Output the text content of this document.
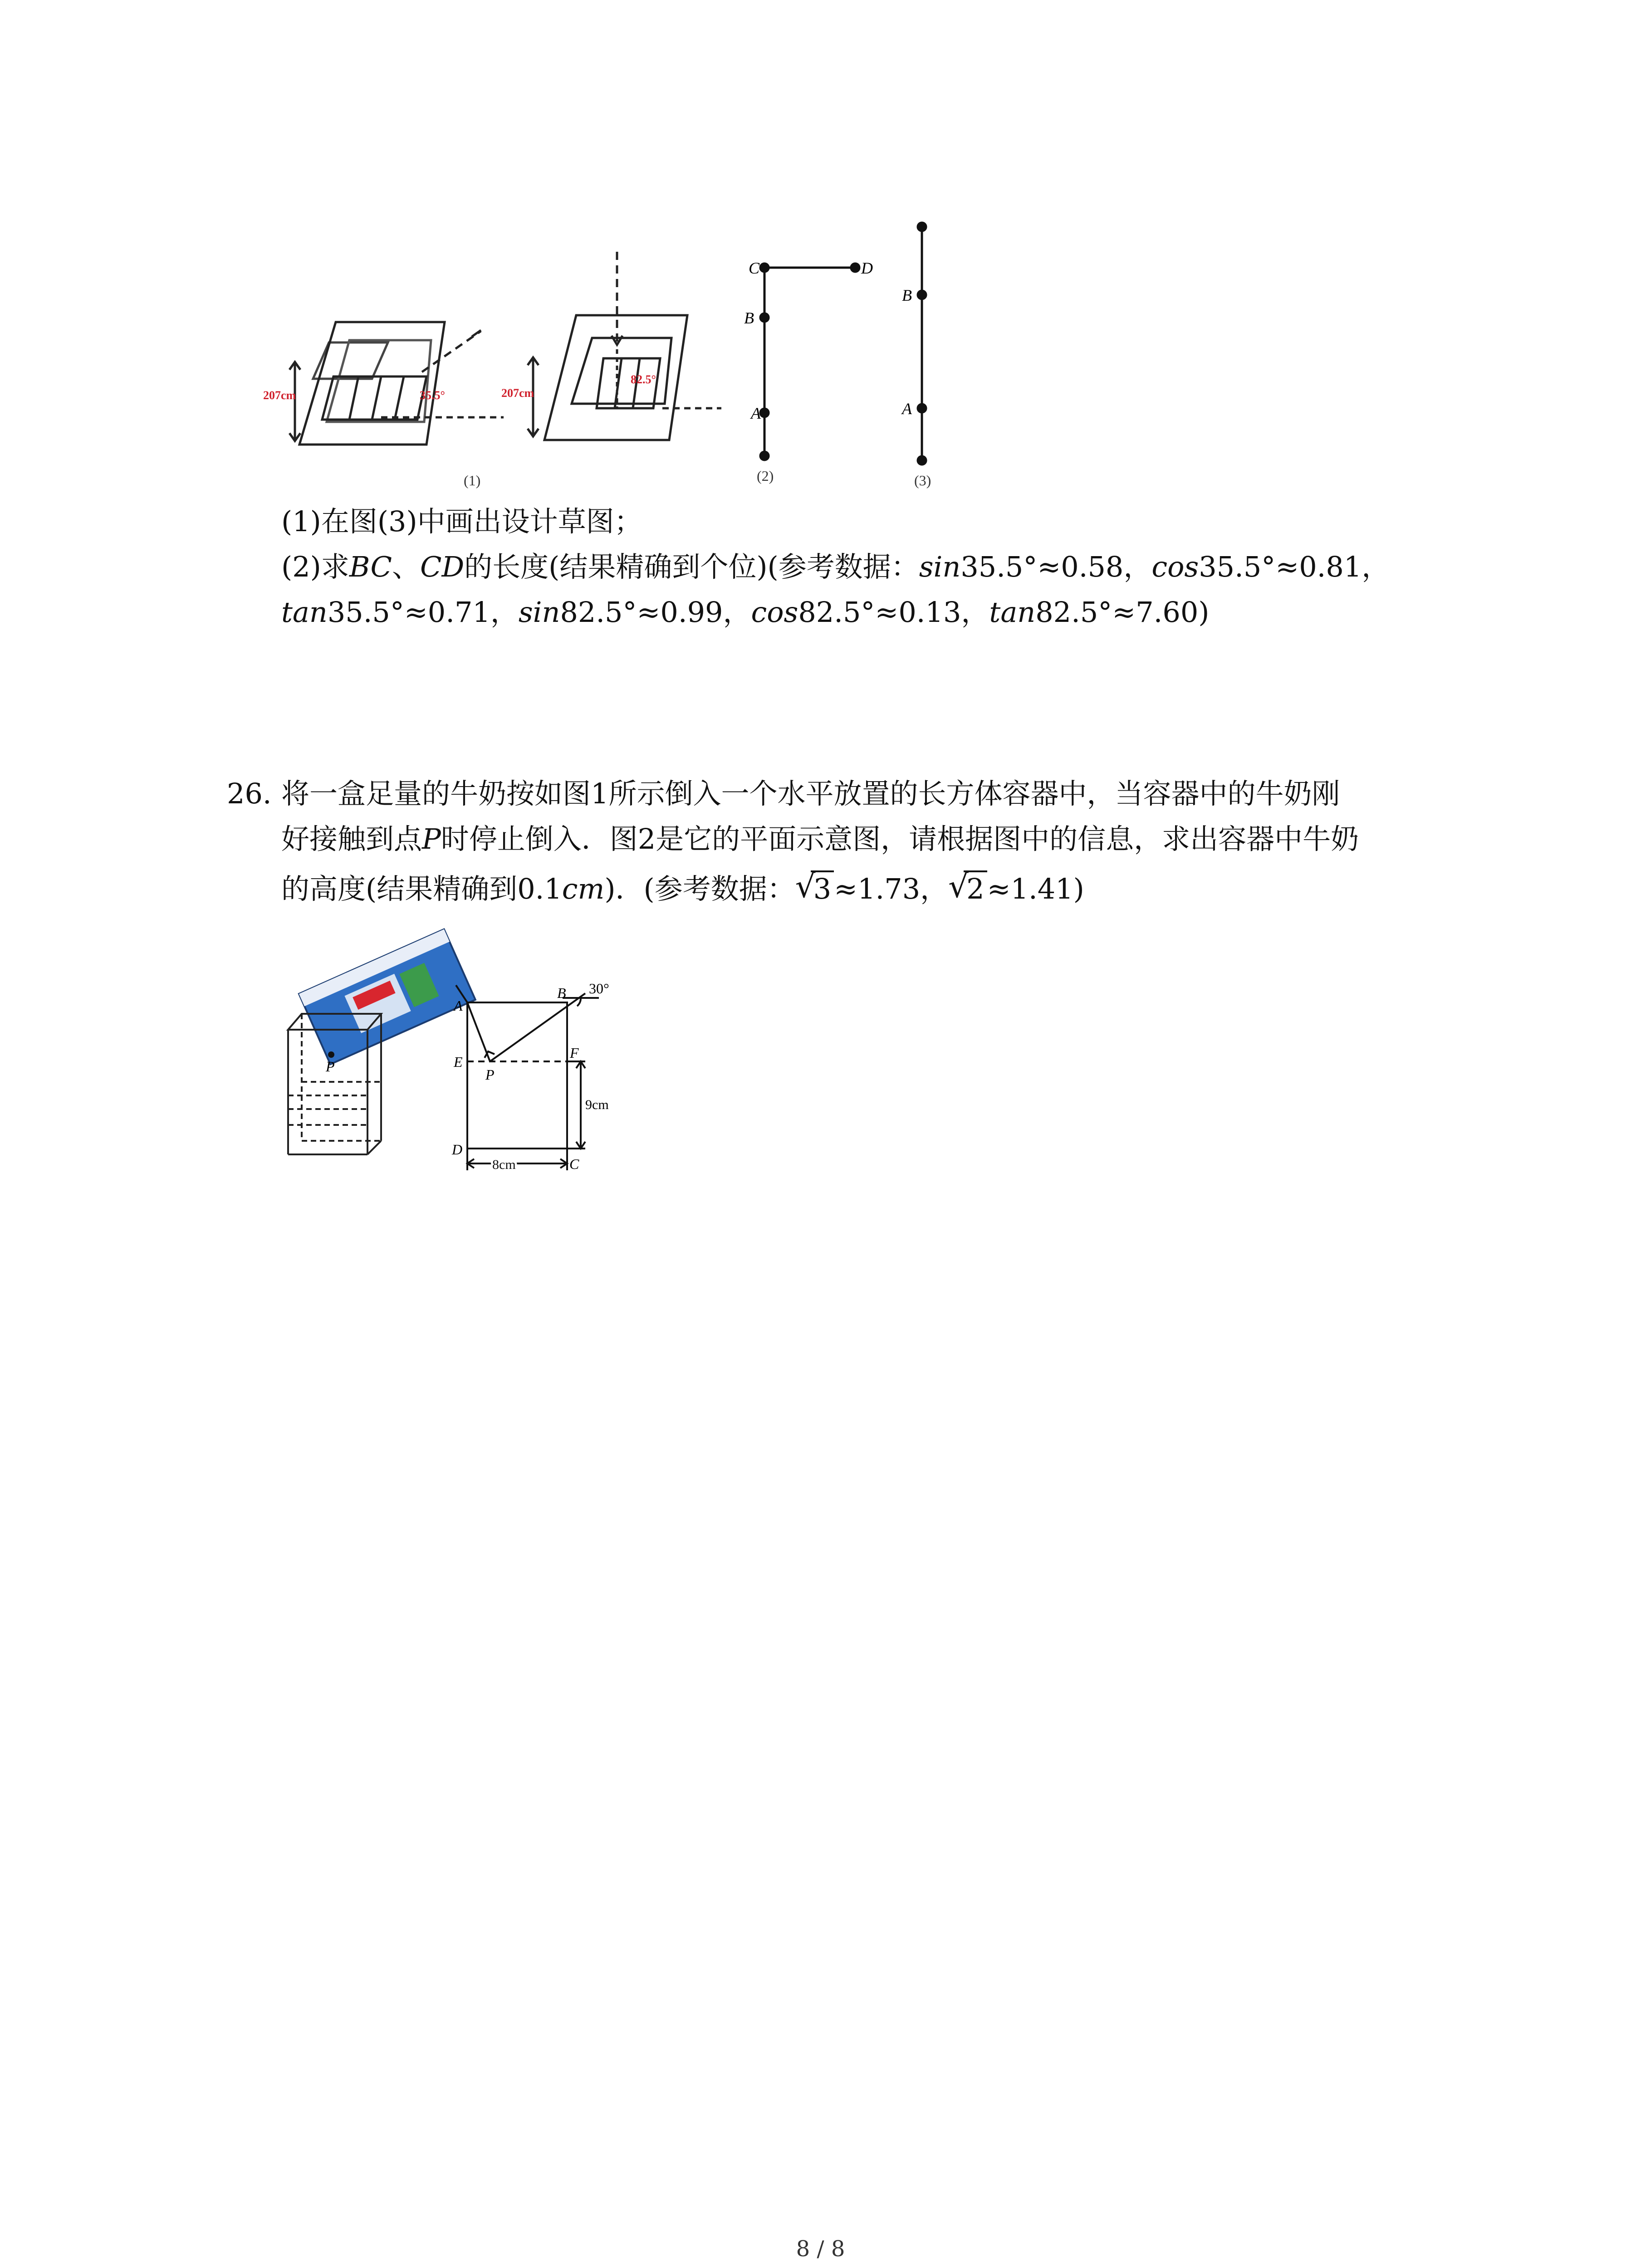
207cm	35.5°
(1)
207cm
82.5°
C	D
B
A
(2)
B
A
(3)
(1)在图(3)中画出设计草图；
(2)求BC、CD的长度(结果精确到个位)(参考数据：sin35.5°≈0.58，cos35.5°≈0.81，
tan35.5°≈0.71，sin82.5°≈0.99，cos82.5°≈0.13，tan82.5°≈7.60)
26. 将一盒足量的牛奶按如图1所示倒入一个水平放置的长方体容器中，当容器中的牛奶刚
好接触到点P时停止倒入．图2是它的平面示意图，请根据图中的信息，求出容器中牛奶
的高度(结果精确到0.1cm)．(参考数据： √ 3≈1.73， √ 2≈1.41)
P
A
B 30°
E
P
F
9cm
D
C
8cm
8 / 8
